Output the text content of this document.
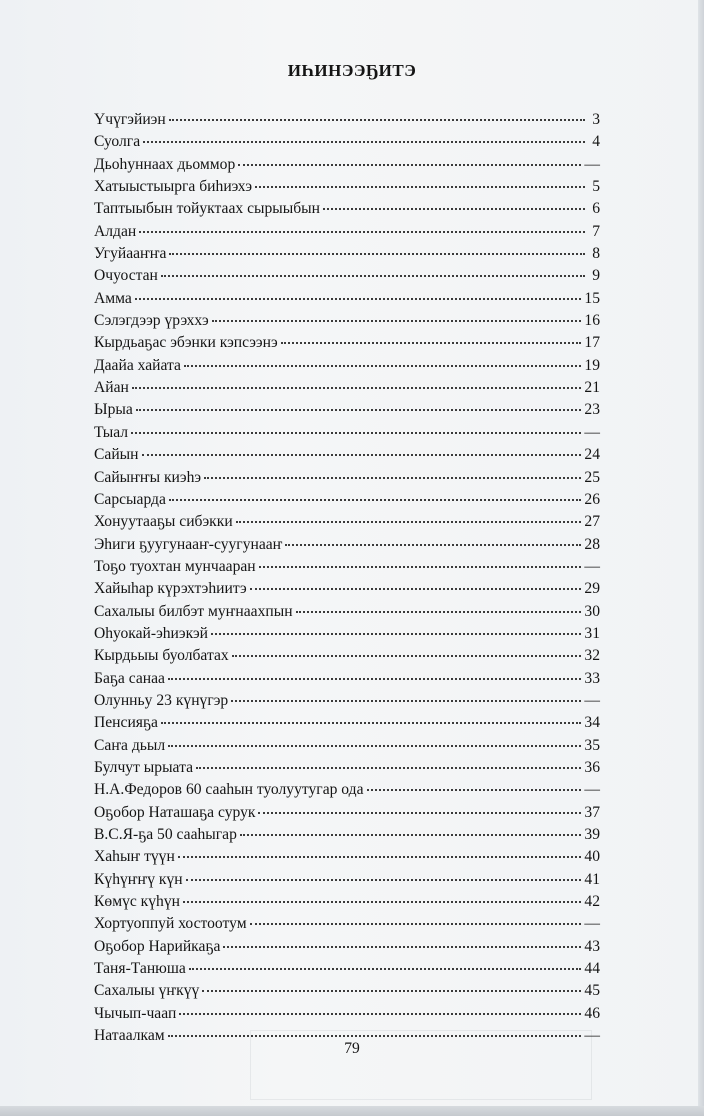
ИҺИНЭЭҔИТЭ
Үчүгэйиэн	3
Суолга	4
Дьоһуннаах дьоммор	—
Хатыыстыырга биһиэхэ	5
Таптыыбын тойуктаах сырыыбын	6
Алдан	7
Угуйааҥҥа	8
Очуостан	9
Амма	15
Сэлэгдээр үрэххэ	16
Кырдьаҕас эбэнки кэпсээнэ	17
Даайа хайата	19
Айан	21
Ырыа	23
Тыал	—
Сайын	24
Сайыҥҥы киэһэ	25
Сарсыарда	26
Хонуутааҕы сибэкки	27
Эһиги ҕуугунааҥ-суугунааҥ	28
Тоҕо туохтан мунчааран	—
Хайыһар күрэхтэһиитэ	29
Сахалыы билбэт муҥнаахпын	30
Оһуокай-эһиэкэй	31
Кырдьыы буолбатах	32
Баҕа санаа	33
Олунньу 23 күнүгэр	—
Пенсияҕа	34
Саҥа дьыл	35
Булчут ырыата	36
Н.А.Федоров 60 сааһын туолуутугар ода	—
Оҕобор Наташаҕа сурук	37
В.С.Я-ҕа 50 сааһыгар	39
Хаһыҥ түүн	40
Күһүҥҥү күн	41
Көмүс күһүн	42
Хортуоппуй хостоотум	—
Оҕобор Нарийкаҕа	43
Таня-Танюша	44
Сахалыы үҥкүү	45
Чычып-чаап	46
Натаалкам	—
79
